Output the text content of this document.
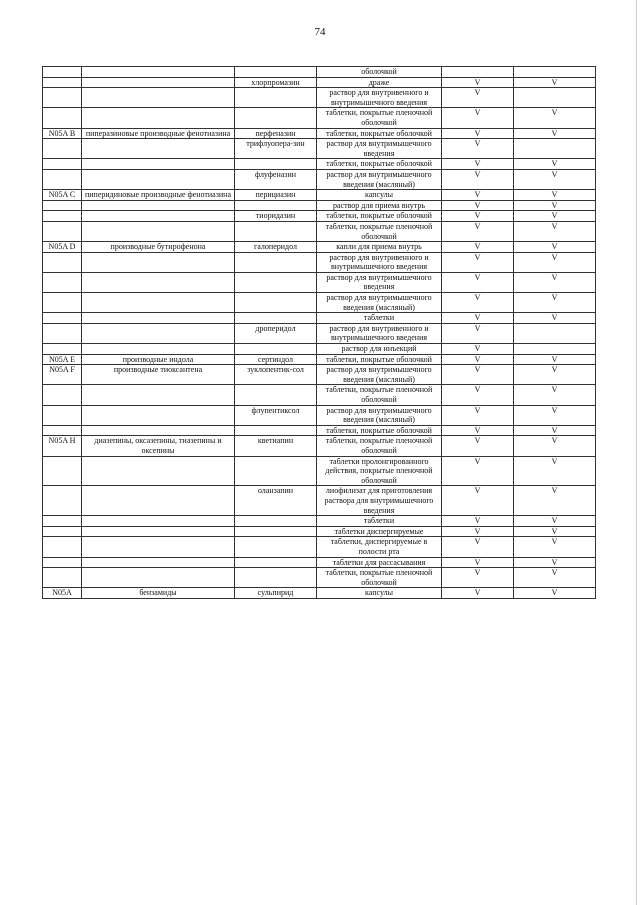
74
			оболочкой		
		хлорпромазин	драже	V	V
			раствор для внутривенного и внутримышечного введения	V	
			таблетки, покрытые пленочной оболочкой	V	V
N05A B	пиперазиновые производные фенотиазина	перфеназин	таблетки, покрытые оболочкой	V	V
		трифлуопера-зин	раствор для внутримышечного введения	V	
			таблетки, покрытые оболочкой	V	V
		флуфеназин	раствор для внутримышечного введения (масляный)	V	V
N05A C	пиперидиновые производные фенотиазина	перициазин	капсулы	V	V
			раствор для приема внутрь	V	V
		тиоридазин	таблетки, покрытые оболочкой	V	V
			таблетки, покрытые пленочной оболочкой	V	V
N05A D	производные бутирофенона	галоперидол	капли для приема внутрь	V	V
			раствор для внутривенного и внутримышечного введения	V	V
			раствор для внутримышечного введения	V	V
			раствор для внутримышечного введения (масляный)	V	V
			таблетки	V	V
		дроперидол	раствор для внутривенного и внутримышечного введения	V	
			раствор для инъекций	V	
N05A E	производные индола	сертиндол	таблетки, покрытые оболочкой	V	V
N05A F	производные тиоксантена	зуклопентик-сол	раствор для внутримышечного введения (масляный)	V	V
			таблетки, покрытые пленочной оболочкой	V	V
		флупентиксол	раствор для внутримышечного введения (масляный)	V	V
			таблетки, покрытые оболочкой	V	V
N05A H	диазепины, оксазепины, тиазепины и оксепины	кветиапин	таблетки, покрытые пленочной оболочкой	V	V
			таблетки пролонгированного действия, покрытые пленочной оболочкой	V	V
		оланзапин	лиофилизат для приготовления раствора для внутримышечного введения	V	V
			таблетки	V	V
			таблетки диспергируемые	V	V
			таблетки, диспергируемые в полости рта	V	V
			таблетки для рассасывания	V	V
			таблетки, покрытые пленочной оболочкой	V	V
N05A	бензамиды	сульпирид	капсулы	V	V
